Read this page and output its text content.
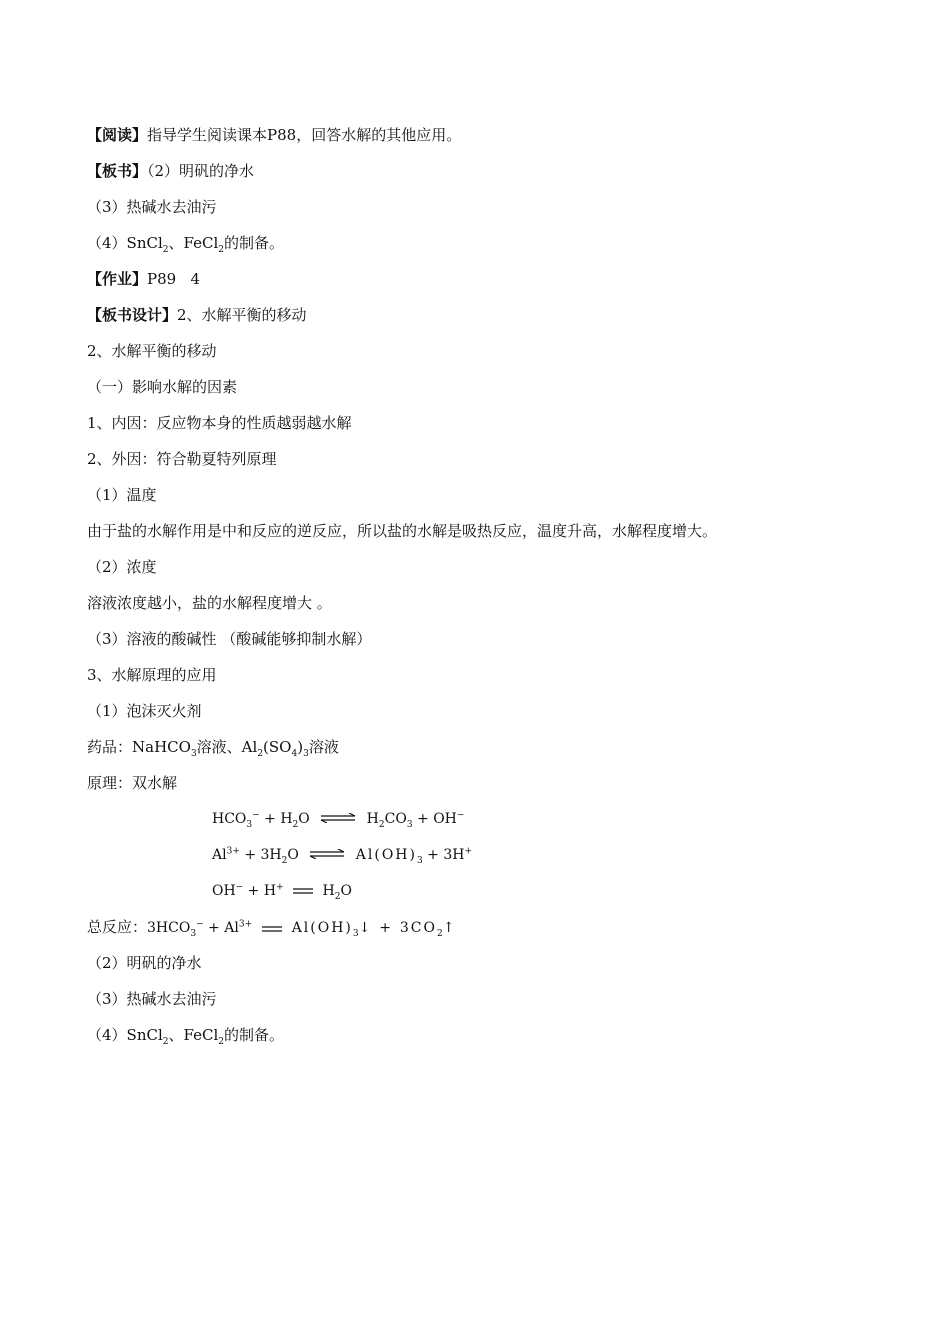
【阅读】指导学生阅读课本P88，回答水解的其他应用。
【板书】（2）明矾的净水
（3）热碱水去油污
（4）SnCl$_2$、FeCl$_2$的制备。
【作业】P89   4
【板书设计】2、水解平衡的移动
2、水解平衡的移动
（一）影响水解的因素
1、内因：反应物本身的性质越弱越水解
2、外因：符合勒夏特列原理
（1）温度
由于盐的水解作用是中和反应的逆反应，所以盐的水解是吸热反应，温度升高，水解程度增大。
（2）浓度
溶液浓度越小，盐的水解程度增大 。
（3）溶液的酸碱性 （酸碱能够抑制水解）
3、水解原理的应用
（1）泡沫灭火剂
药品：NaHCO$_3$溶液、$Al_2(SO_4)_3$溶液
原理：双水解
$HCO_3^- + H_2O$ ⇌ $H_2CO_3 + OH^-$
$Al^{3+} + 3H_2O$ ⇌ $Al(OH)_3 + 3H^+$
OH− + H+	$H_2O$
总反应：$3HCO_3^- + Al^{3+}$	$Al(OH)_3↓$  +  $3CO_2↑$
（2）明矾的净水
（3）热碱水去油污
（4）SnCl$_2$、FeCl$_2$的制备。
